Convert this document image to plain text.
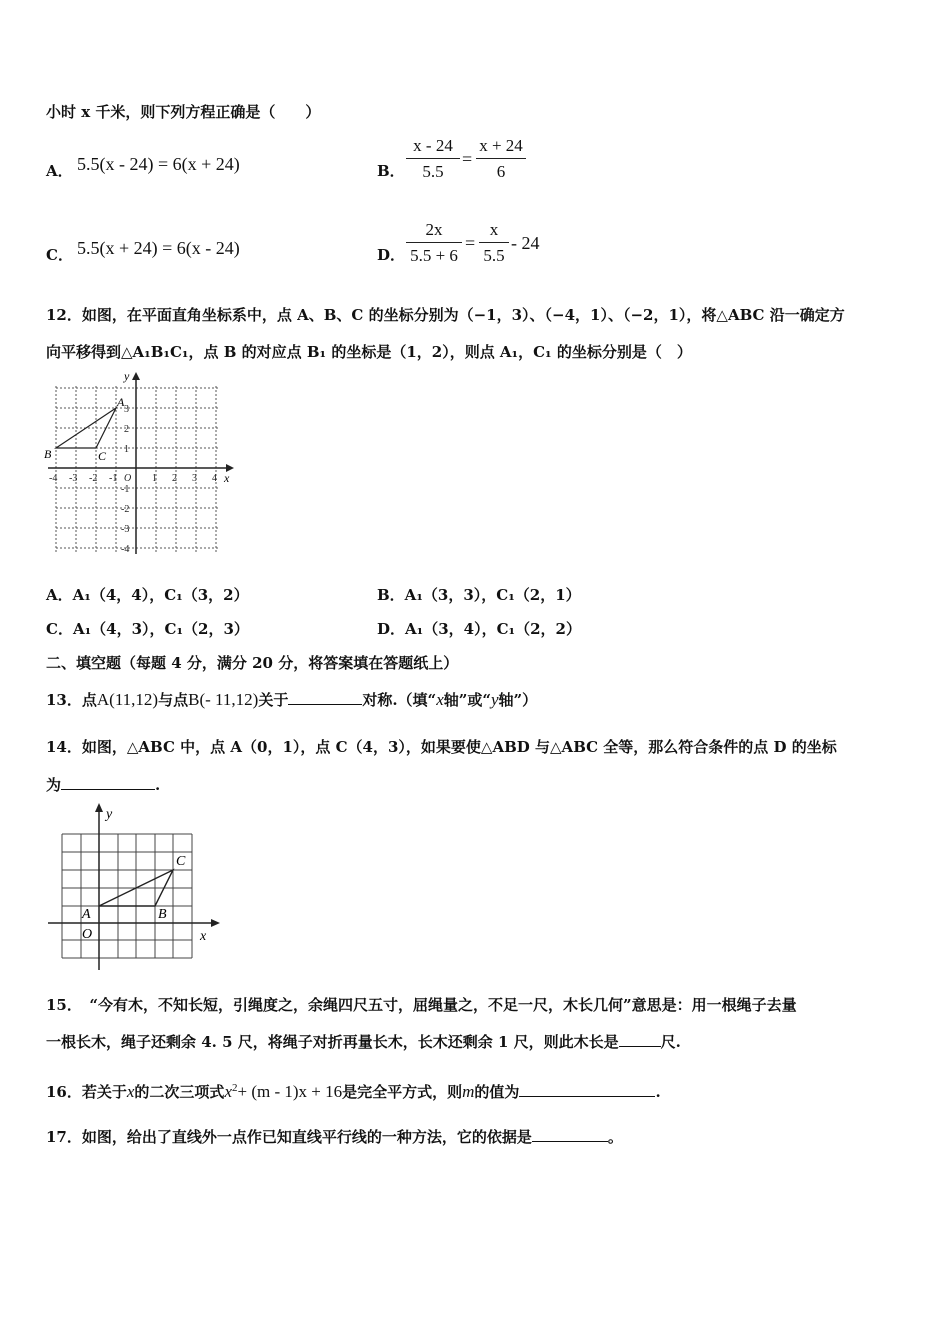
小时 x 千米，则下列方程正确是（　　）
A． 5.5(x - 24) = 6(x + 24)	B． $\frac{x - 24}{5.5} = \frac{x + 24}{6}$
C． 5.5(x + 24) = 6(x - 24)	D． $\frac{2x}{5.5 + 6} = \frac{x}{5.5} - 24$
12．如图，在平面直角坐标系中，点 A、B、C 的坐标分别为（−1，3）、（−4，1）、（−2，1），将△ABC 沿一确定方
向平移得到△A₁B₁C₁，点 B 的对应点 B₁ 的坐标是（1，2），则点 A₁，C₁ 的坐标分别是（　）
y
x
A
B	C
-4 -3 -2 -1 O 1 2 3 4
3
2
1
-1
-2
-3
-4
A．A₁（4，4），C₁（3，2）	B．A₁（3，3），C₁（2，1）
C．A₁（4，3），C₁（2，3）	D．A₁（3，4），C₁（2，2）
二、填空题（每题 4 分，满分 20 分，将答案填在答题纸上）
13．点A(11,12)与点B(- 11,12)关于	对称.（填“x轴”或“y轴”）
14．如图，△ABC 中，点 A（0，1），点 C（4，3），如果要使△ABD 与△ABC 全等，那么符合条件的点 D 的坐标
为	.
y
x
A	B
C
O
15．　“今有木，不知长短，引绳度之，余绳四尺五寸，屈绳量之，不足一尺，木长几何”意思是：用一根绳子去量
一根长木，绳子还剩余 4. 5 尺，将绳子对折再量长木，长木还剩余 1 尺，则此木长是	尺.
16．若关于x的二次三项式$x^2+ (m - 1)x + 16$是完全平方式，则m的值为	.
17．如图，给出了直线外一点作已知直线平行线的一种方法，它的依据是	。
